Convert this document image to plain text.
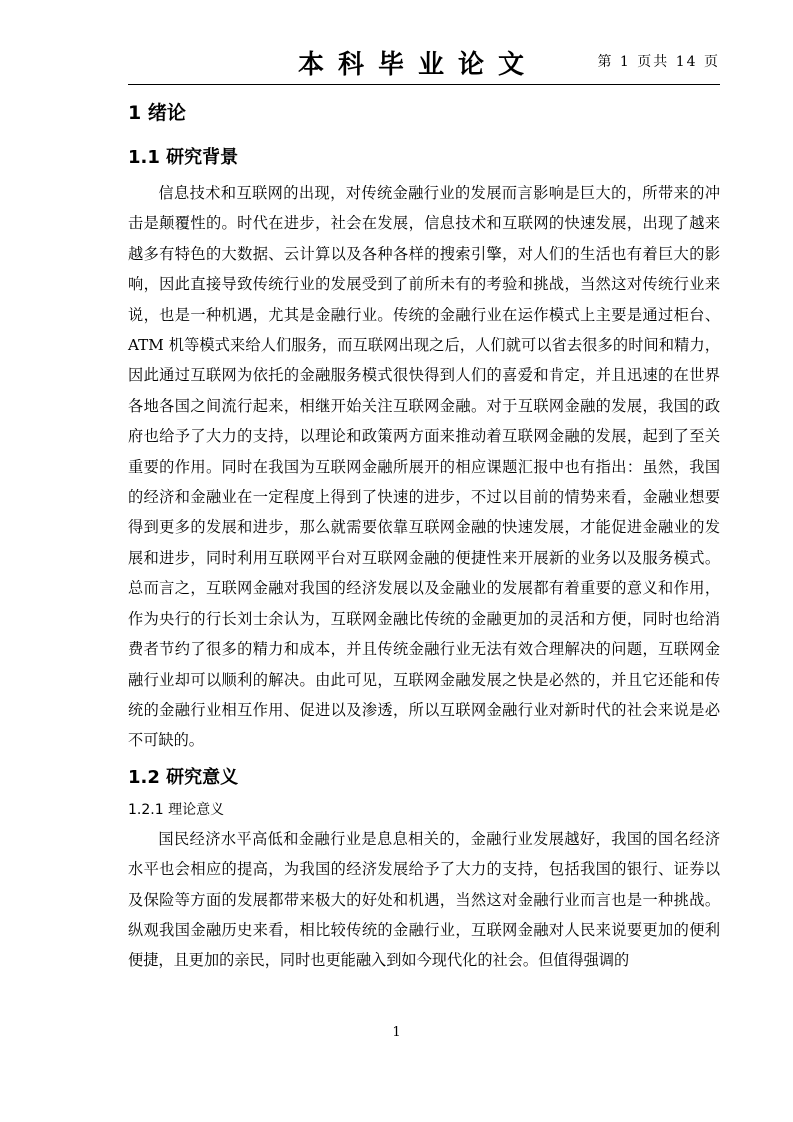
本科毕业论文	第 1 页共 14 页
1 绪论
1.1 研究背景

信息技术和互联网的出现，对传统金融行业的发展而言影响是巨大的，所带来的冲击是颠覆性的。时代在进步，社会在发展，信息技术和互联网的快速发展，出现了越来越多有特色的大数据、云计算以及各种各样的搜索引擎，对人们的生活也有着巨大的影响，因此直接导致传统行业的发展受到了前所未有的考验和挑战，当然这对传统行业来说，也是一种机遇，尤其是金融行业。传统的金融行业在运作模式上主要是通过柜台、ATM 机等模式来给人们服务，而互联网出现之后，人们就可以省去很多的时间和精力，因此通过互联网为依托的金融服务模式很快得到人们的喜爱和肯定，并且迅速的在世界各地各国之间流行起来，相继开始关注互联网金融。对于互联网金融的发展，我国的政府也给予了大力的支持，以理论和政策两方面来推动着互联网金融的发展，起到了至关重要的作用。同时在我国为互联网金融所展开的相应课题汇报中也有指出：虽然，我国的经济和金融业在一定程度上得到了快速的进步，不过以目前的情势来看，金融业想要得到更多的发展和进步，那么就需要依靠互联网金融的快速发展，才能促进金融业的发展和进步，同时利用互联网平台对互联网金融的便捷性来开展新的业务以及服务模式。总而言之，互联网金融对我国的经济发展以及金融业的发展都有着重要的意义和作用，作为央行的行长刘士余认为，互联网金融比传统的金融更加的灵活和方便，同时也给消费者节约了很多的精力和成本，并且传统金融行业无法有效合理解决的问题，互联网金融行业却可以顺利的解决。由此可见，互联网金融发展之快是必然的，并且它还能和传统的金融行业相互作用、促进以及渗透，所以互联网金融行业对新时代的社会来说是必不可缺的。

1.2 研究意义
1.2.1 理论意义

国民经济水平高低和金融行业是息息相关的，金融行业发展越好，我国的国名经济水平也会相应的提高，为我国的经济发展给予了大力的支持，包括我国的银行、证券以及保险等方面的发展都带来极大的好处和机遇，当然这对金融行业而言也是一种挑战。纵观我国金融历史来看，相比较传统的金融行业，互联网金融对人民来说要更加的便利便捷，且更加的亲民，同时也更能融入到如今现代化的社会。但值得强调的

1
